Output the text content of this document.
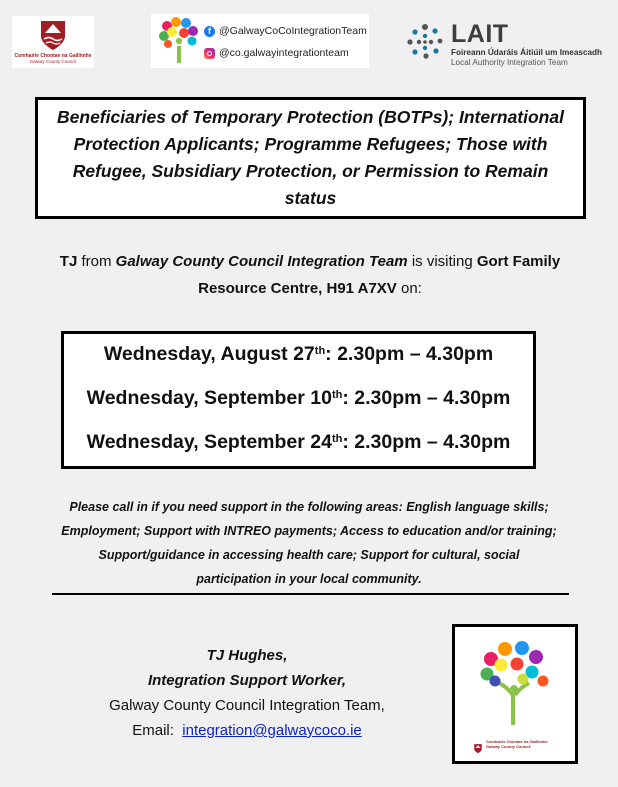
Comhairle Chontae na Gaillimhe
Galway County Council
f @GalwayCoCoIntegrationTeam
@co.galwayintegrationteam
LAIT
Foireann Údaráis Áitiúil um Imeascadh
Local Authority Integration Team
Beneficiaries of Temporary Protection (BOTPs); International Protection Applicants; Programme Refugees; Those with Refugee, Subsidiary Protection, or Permission to Remain status
TJ from Galway County Council Integration Team is visiting Gort Family Resource Centre, H91 A7XV on:
Wednesday, August 27th: 2.30pm – 4.30pm
Wednesday, September 10th: 2.30pm – 4.30pm
Wednesday, September 24th: 2.30pm – 4.30pm
Please call in if you need support in the following areas: English language skills; Employment; Support with INTREO payments; Access to education and/or training; Support/guidance in accessing health care; Support for cultural, social participation in your local community.
TJ Hughes,
Integration Support Worker,
Galway County Council Integration Team,
Email: integration@galwaycoco.ie
Comhairle Chontae na Gaillimhe
Galway County Council
